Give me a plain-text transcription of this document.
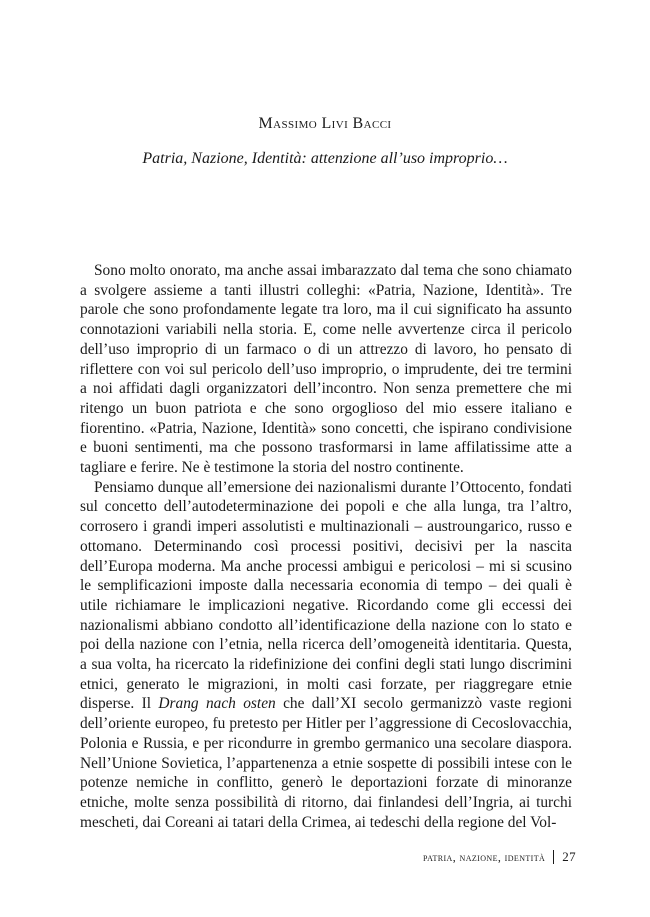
Massimo Livi Bacci
Patria, Nazione, Identità: attenzione all’uso improprio…

Sono molto onorato, ma anche assai imbarazzato dal tema che sono chiamato a svolgere assieme a tanti illustri colleghi: «Patria, Nazione, Identità». Tre parole che sono profondamente legate tra loro, ma il cui significato ha assunto connotazioni variabili nella storia. E, come nelle avvertenze circa il pericolo dell’uso improprio di un farmaco o di un attrezzo di lavoro, ho pensato di riflettere con voi sul pericolo dell’uso improprio, o imprudente, dei tre termini a noi affidati dagli organizzatori dell’incontro. Non senza premettere che mi ritengo un buon patriota e che sono orgoglioso del mio essere italiano e fiorentino. «Patria, Nazione, Identità» sono concetti, che ispirano condivisione e buoni sentimenti, ma che possono trasformarsi in lame affilatissime atte a tagliare e ferire. Ne è testimone la storia del nostro continente.

Pensiamo dunque all’emersione dei nazionalismi durante l’Ottocento, fondati sul concetto dell’autodeterminazione dei popoli e che alla lunga, tra l’altro, corrosero i grandi imperi assolutisti e multinazionali – austroungarico, russo e ottomano. Determinando così processi positivi, decisivi per la nascita dell’Europa moderna. Ma anche processi ambigui e pericolosi – mi si scusino le semplificazioni imposte dalla necessaria economia di tempo – dei quali è utile richiamare le implicazioni negative. Ricordando come gli eccessi dei nazionalismi abbiano condotto all’identificazione della nazione con lo stato e poi della nazione con l’etnia, nella ricerca dell’omogeneità identitaria. Questa, a sua volta, ha ricercato la ridefinizione dei confini degli stati lungo discrimini etnici, generato le migrazioni, in molti casi forzate, per riaggregare etnie disperse. Il Drang nach osten che dall’XI secolo germanizzò vaste regioni dell’oriente europeo, fu pretesto per Hitler per l’aggressione di Cecoslovacchia, Polonia e Russia, e per ricondurre in grembo germanico una secolare diaspora. Nell’Unione Sovietica, l’appartenenza a etnie sospette di possibili intese con le potenze nemiche in conflitto, generò le deportazioni forzate di minoranze etniche, molte senza possibilità di ritorno, dai finlandesi dell’Ingria, ai turchi mescheti, dai Coreani ai tatari della Crimea, ai tedeschi della regione del Vol-

patria, nazione, identità 27
